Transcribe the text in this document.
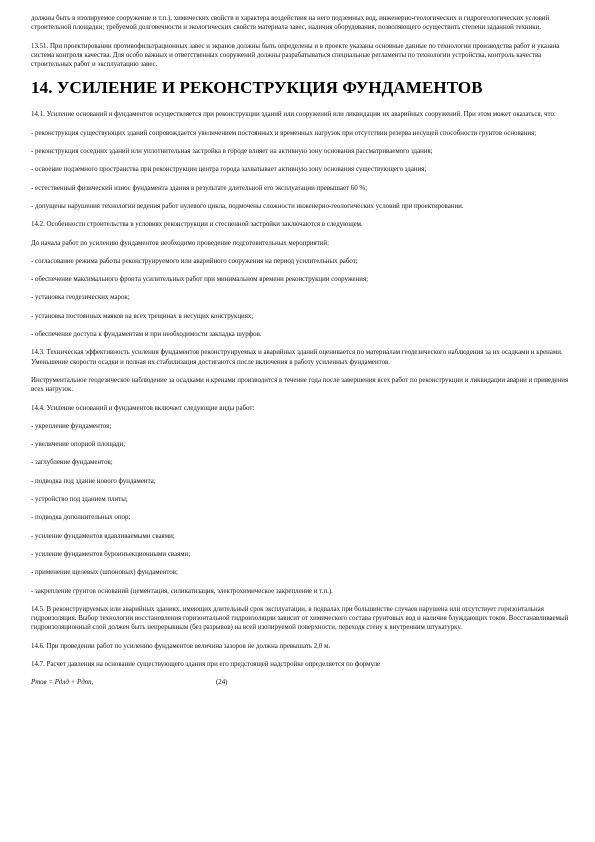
должны быть в изолируемое сооружение и т.п.), химических свойств и характера воздействия на него подземных вод, инженерно-геологических и гидрогеологических условий строительной площадки; требуемой долговечности и экологических свойств материала завес, наличия оборудования, позволяющего осуществить степени заданной техники.

13.51. При проектировании противофильтрационных завес и экранов должны быть определены и в проекте указаны основные данные по технологии производства работ и указана система контроля качества. Для особо важных и ответственных сооружений должны разрабатываться специальные регламенты по технологии устройства, контроль качества строительных работ и эксплуатацию завес.

14. УСИЛЕНИЕ И РЕКОНСТРУКЦИЯ ФУНДАМЕНТОВ

14.1. Усиление оснований и фундаментов осуществляется при реконструкции зданий или сооружений или ликвидации их аварийных сооружений. При этом может оказаться, что:

- реконструкция существующих зданий сопровождается увеличением постоянных и временных нагрузок при отсутствии резерва несущей способности грунтов основания;

- реконструкция соседних зданий или уплотнительная застройка в городе влияет на активную зону основания рассматриваемого здания;

- освоение подземного пространства при реконструкции центра города захватывает активную зону основания существующего здания;

- естественный физический износ фундамента здания в результате длительной его эксплуатации превышает 60 %;

- допущены нарушения технологии ведения работ нулевого цикла, подмочены сложности инженерно-геологических условий при проектировании.

14.2. Особенности строительства в условиях реконструкции и стесненной застройки заключаются в следующем.

До начала работ по усилению фундаментов необходимо проведение подготовительных мероприятий:

- согласование режима работы реконструируемого или аварийного сооружения на период усилительных работ;

- обеспечение максимального фронта усилительных работ при минимальном времени реконструкции сооружения;

- установка геодезических марок;

- установка постоянных маяков на всех трещинах в несущих конструкциях;

- обеспечение доступа к фундаментам и при необходимости закладка шурфов.

14.3. Техническая эффективность усиления фундаментов реконструируемых и аварийных зданий оценивается по материалам геодезического наблюдения за их осадками и кренами. Уменьшение скорости осадки и полная их стабилизация достигаются после включения в работу усиленных фундаментов.

Инструментальное геодезическое наблюдение за осадками и кренами производится в течение года после завершения всех работ по реконструкции и ликвидации аварии и приведения всех нагрузок.

14.4. Усиление оснований и фундаментов включает следующие виды работ:

- укрепление фундаментов;

- увеличение опорной площади;

- заглубление фундаментов;

- подводка под здание нового фундамента;

- устройство под зданием плиты;

- подводка дополнительных опор;

- усиление фундаментов вдавливаемыми сваями;

- усиление фундаментов буроинъекционными сваями;

- применение щелевых (шпоновых) фундаментов;

- закрепление грунтов оснований (цементация, силикатизация, электрохимическое закрепление и т.п.).

14.5. В реконструируемых или аварийных зданиях, имеющих длительный срок эксплуатации, в подвалах при большинстве случаев нарушена или отсутствует горизонтальная гидроизоляция. Выбор технологии восстановления горизонтальной гидроизоляции зависит от химического состава грунтовых вод и наличия блуждающих токов. Восстанавливаемый гидроизоляционный слой должен быть непрерывным (без разрывов) на всей изолируемой поверхности, переходя стену к внутренним штукатурку.

14.6. При проведении работ по усилению фундаментов величина зазоров не должна превышать 2,0 м.

14.7. Расчет давления на основание существующего здания при его предстоящей надстройке определяется по формуле

Pтов = Pдлд + Pдоп,	(24)
